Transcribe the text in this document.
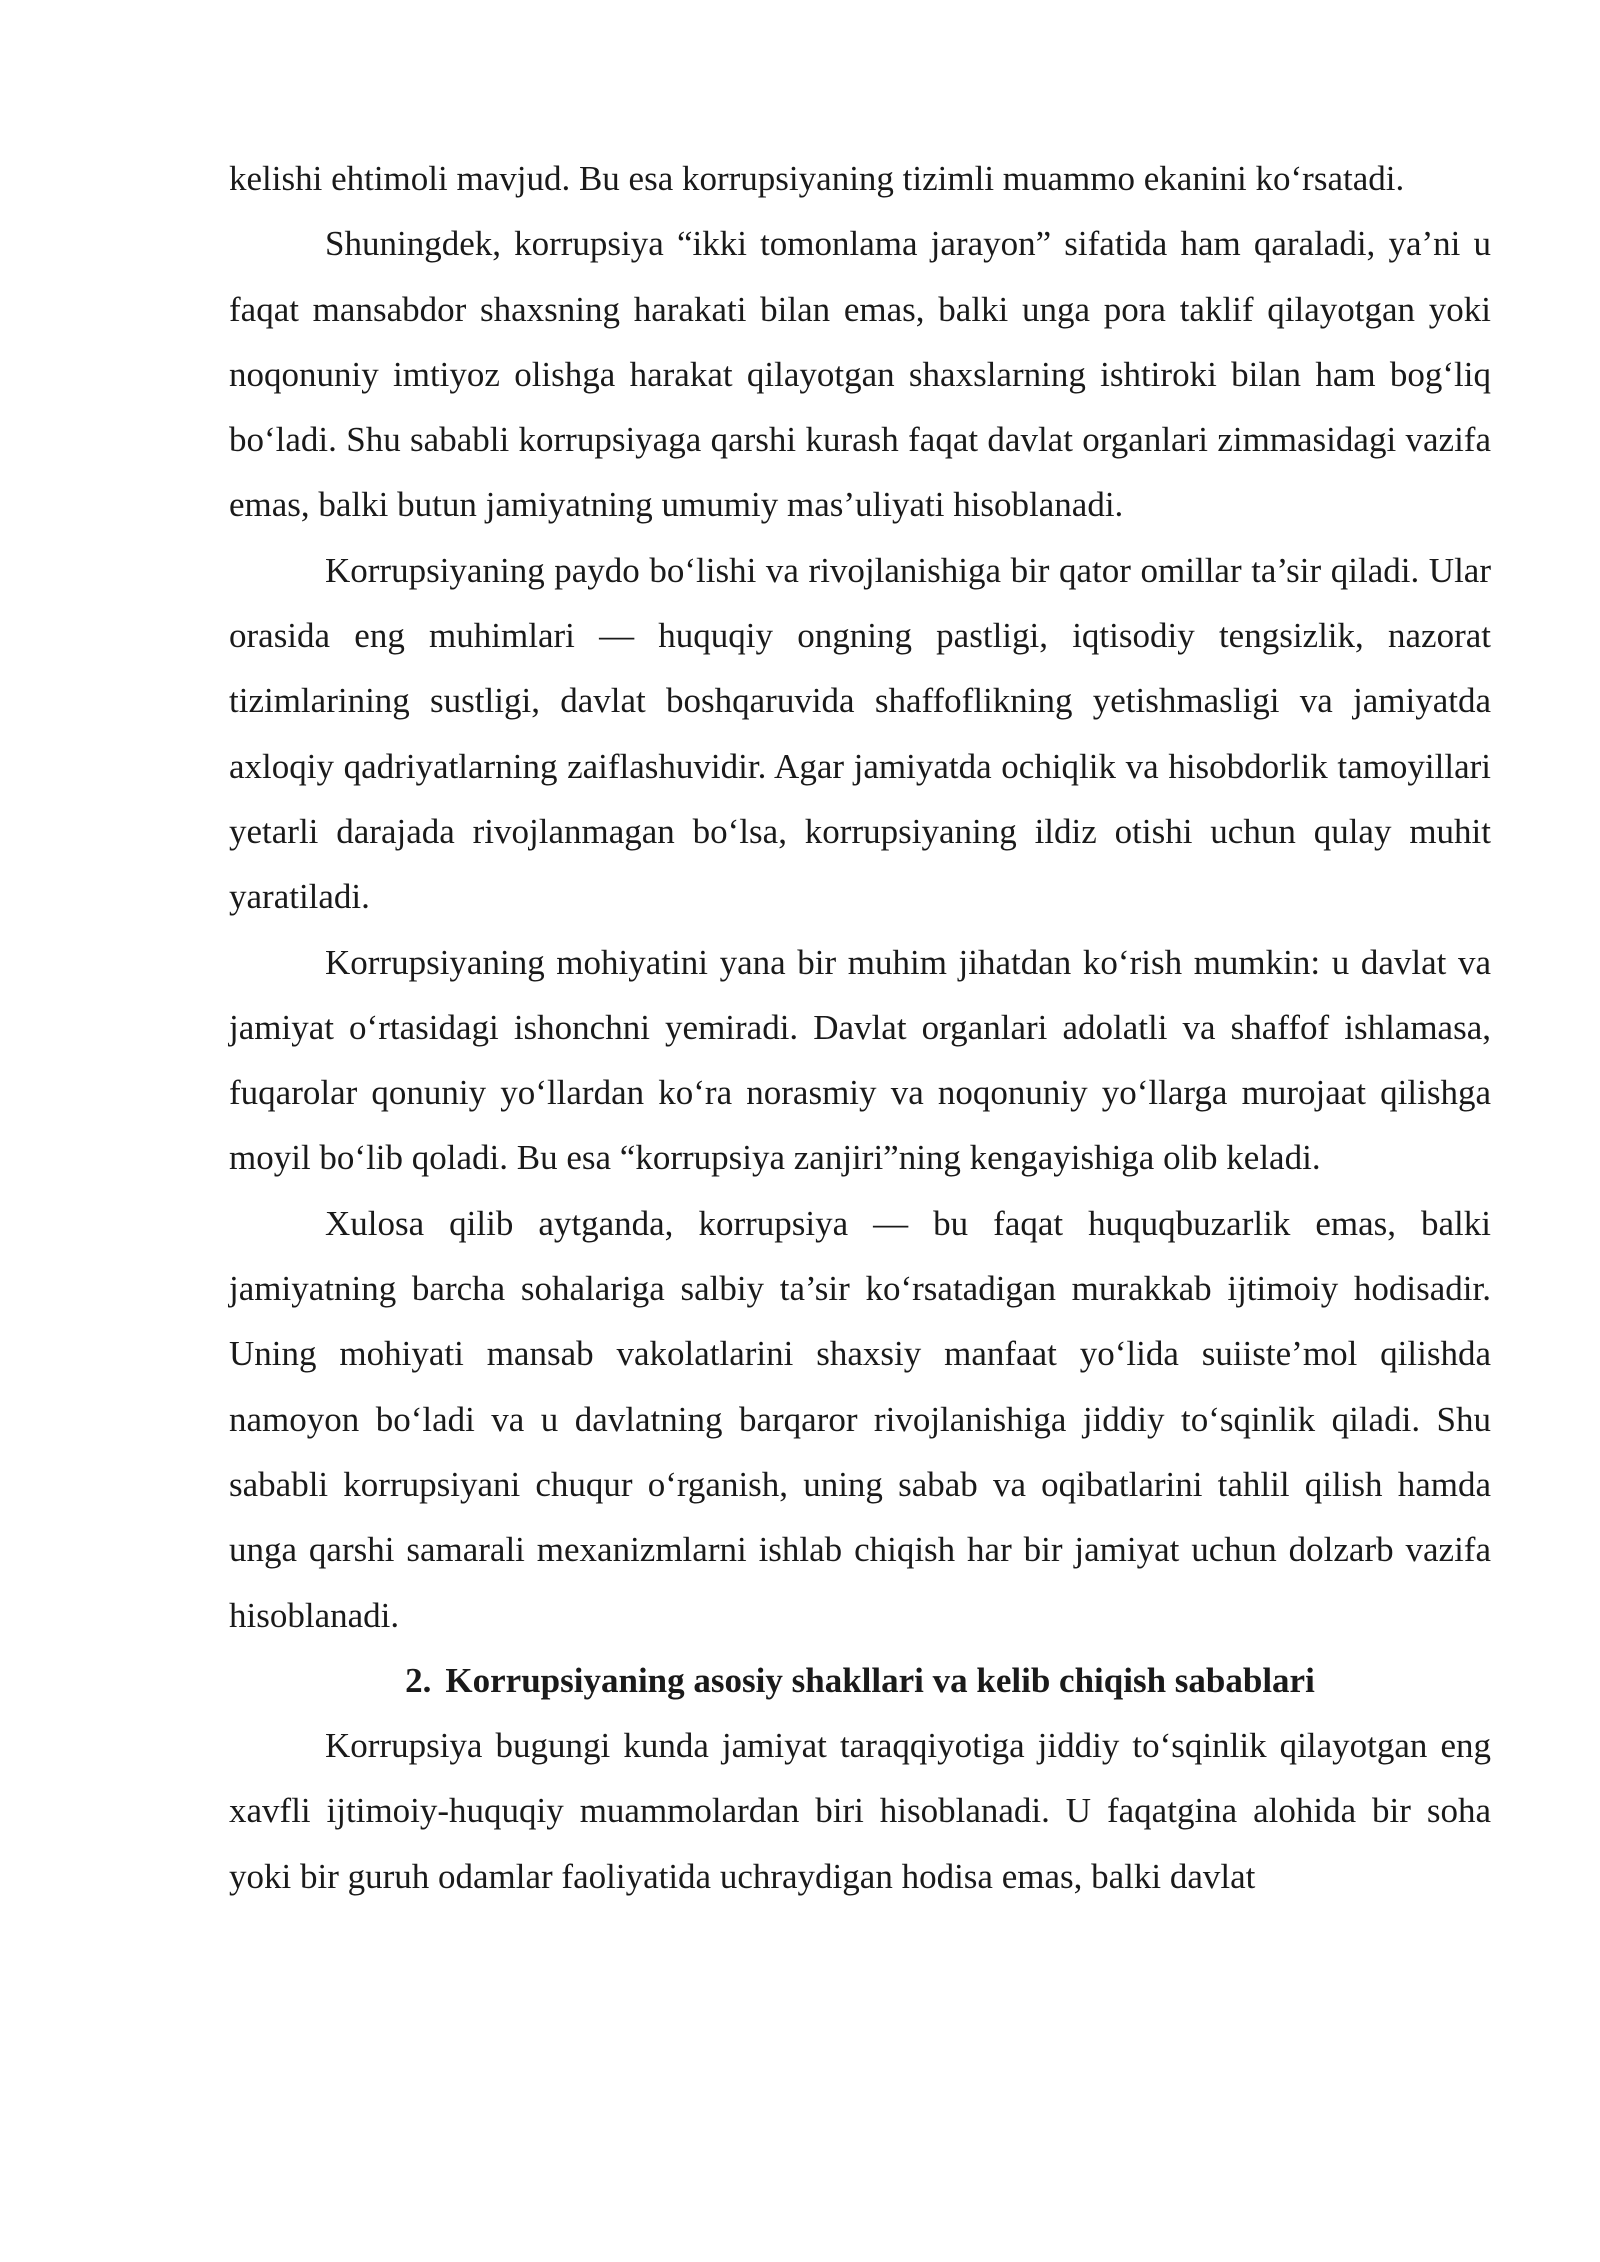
kelishi ehtimoli mavjud. Bu esa korrupsiyaning tizimli muammo ekanini koʻrsatadi.

Shuningdek, korrupsiya “ikki tomonlama jarayon” sifatida ham qaraladi, ya’ni u faqat mansabdor shaxsning harakati bilan emas, balki unga pora taklif qilayotgan yoki noqonuniy imtiyoz olishga harakat qilayotgan shaxslarning ishtiroki bilan ham bogʻliq boʻladi. Shu sababli korrupsiyaga qarshi kurash faqat davlat organlari zimmasidagi vazifa emas, balki butun jamiyatning umumiy mas’uliyati hisoblanadi.

Korrupsiyaning paydo boʻlishi va rivojlanishiga bir qator omillar ta’sir qiladi. Ular orasida eng muhimlari — huquqiy ongning pastligi, iqtisodiy tengsizlik, nazorat tizimlarining sustligi, davlat boshqaruvida shaffoflikning yetishmasligi va jamiyatda axloqiy qadriyatlarning zaiflashuvidir. Agar jamiyatda ochiqlik va hisobdorlik tamoyillari yetarli darajada rivojlanmagan boʻlsa, korrupsiyaning ildiz otishi uchun qulay muhit yaratiladi.

Korrupsiyaning mohiyatini yana bir muhim jihatdan koʻrish mumkin: u davlat va jamiyat oʻrtasidagi ishonchni yemiradi. Davlat organlari adolatli va shaffof ishlamasa, fuqarolar qonuniy yoʻllardan koʻra norasmiy va noqonuniy yoʻllarga murojaat qilishga moyil boʻlib qoladi. Bu esa “korrupsiya zanjiri”ning kengayishiga olib keladi.

Xulosa qilib aytganda, korrupsiya — bu faqat huquqbuzarlik emas, balki jamiyatning barcha sohalariga salbiy ta’sir koʻrsatadigan murakkab ijtimoiy hodisadir. Uning mohiyati mansab vakolatlarini shaxsiy manfaat yoʻlida suiiste’mol qilishda namoyon boʻladi va u davlatning barqaror rivojlanishiga jiddiy toʻsqinlik qiladi. Shu sababli korrupsiyani chuqur oʻrganish, uning sabab va oqibatlarini tahlil qilish hamda unga qarshi samarali mexanizmlarni ishlab chiqish har bir jamiyat uchun dolzarb vazifa hisoblanadi.

2. Korrupsiyaning asosiy shakllari va kelib chiqish sabablari

Korrupsiya bugungi kunda jamiyat taraqqiyotiga jiddiy toʻsqinlik qilayotgan eng xavfli ijtimoiy-huquqiy muammolardan biri hisoblanadi. U faqatgina alohida bir soha yoki bir guruh odamlar faoliyatida uchraydigan hodisa emas, balki davlat
